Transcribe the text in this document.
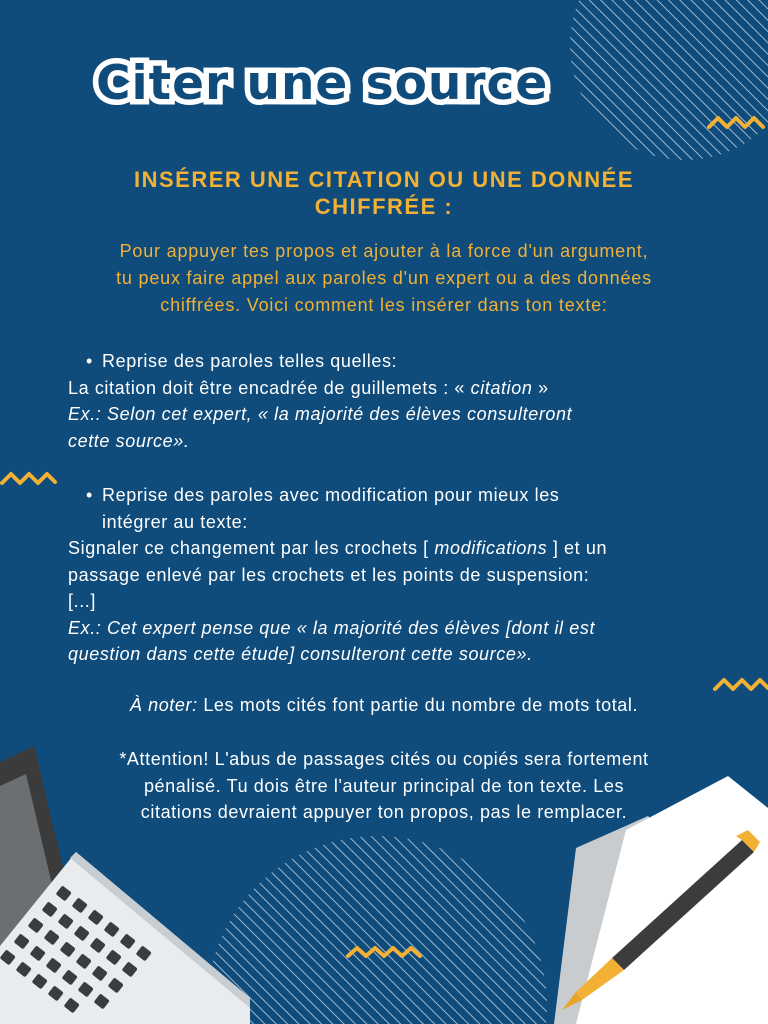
Citer une source
INSÉRER UNE CITATION OU UNE DONNÉE
CHIFFRÉE :
Pour appuyer tes propos et ajouter à la force d'un argument,
tu peux faire appel aux paroles d'un expert ou a des données
chiffrées. Voici comment les insérer dans ton texte:
• Reprise des paroles telles quelles:
La citation doit être encadrée de guillemets : « citation »
Ex.: Selon cet expert, « la majorité des élèves consulteront
cette source».
• Reprise des paroles avec modification pour mieux les
intégrer au texte:
Signaler ce changement par les crochets [ modifications ] et un
passage enlevé par les crochets et les points de suspension:
[...]
Ex.: Cet expert pense que « la majorité des élèves [dont il est
question dans cette étude] consulteront cette source».
À noter: Les mots cités font partie du nombre de mots total.
*Attention! L'abus de passages cités ou copiés sera fortement
pénalisé. Tu dois être l'auteur principal de ton texte. Les
citations devraient appuyer ton propos, pas le remplacer.
